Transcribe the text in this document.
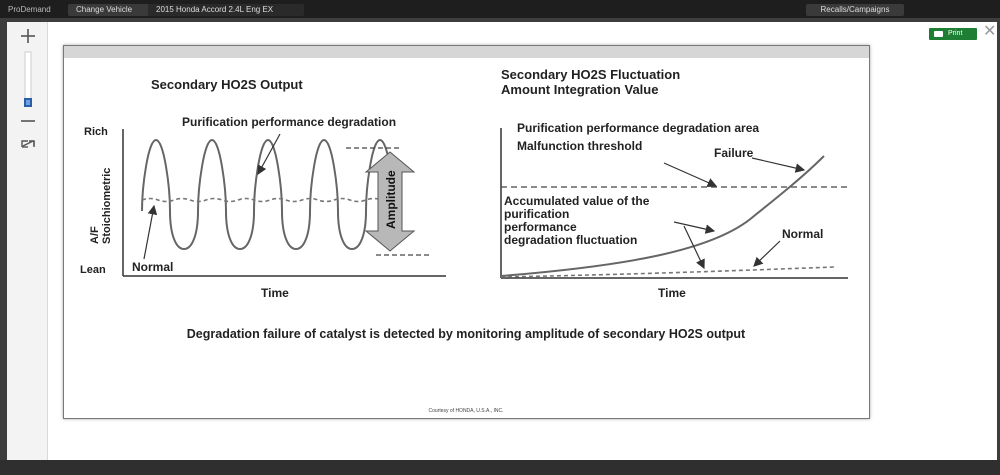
ProDemand	Change Vehicle	2015 Honda Accord 2.4L Eng EX	Recalls/Campaigns
Print ✕
Secondary HO2S Output
Rich
Lean
A/F Stoichiometric	Amplitude
Purification performance degradation
Normal
Time
Secondary HO2S Fluctuation
Amount Integration Value
Purification performance degradation area
Malfunction threshold	Failure
Accumulated value of the
purification
performance
degradation fluctuation	Normal
Time
Degradation failure of catalyst is detected by monitoring amplitude of secondary HO2S output
Courtesy of HONDA, U.S.A., INC.
